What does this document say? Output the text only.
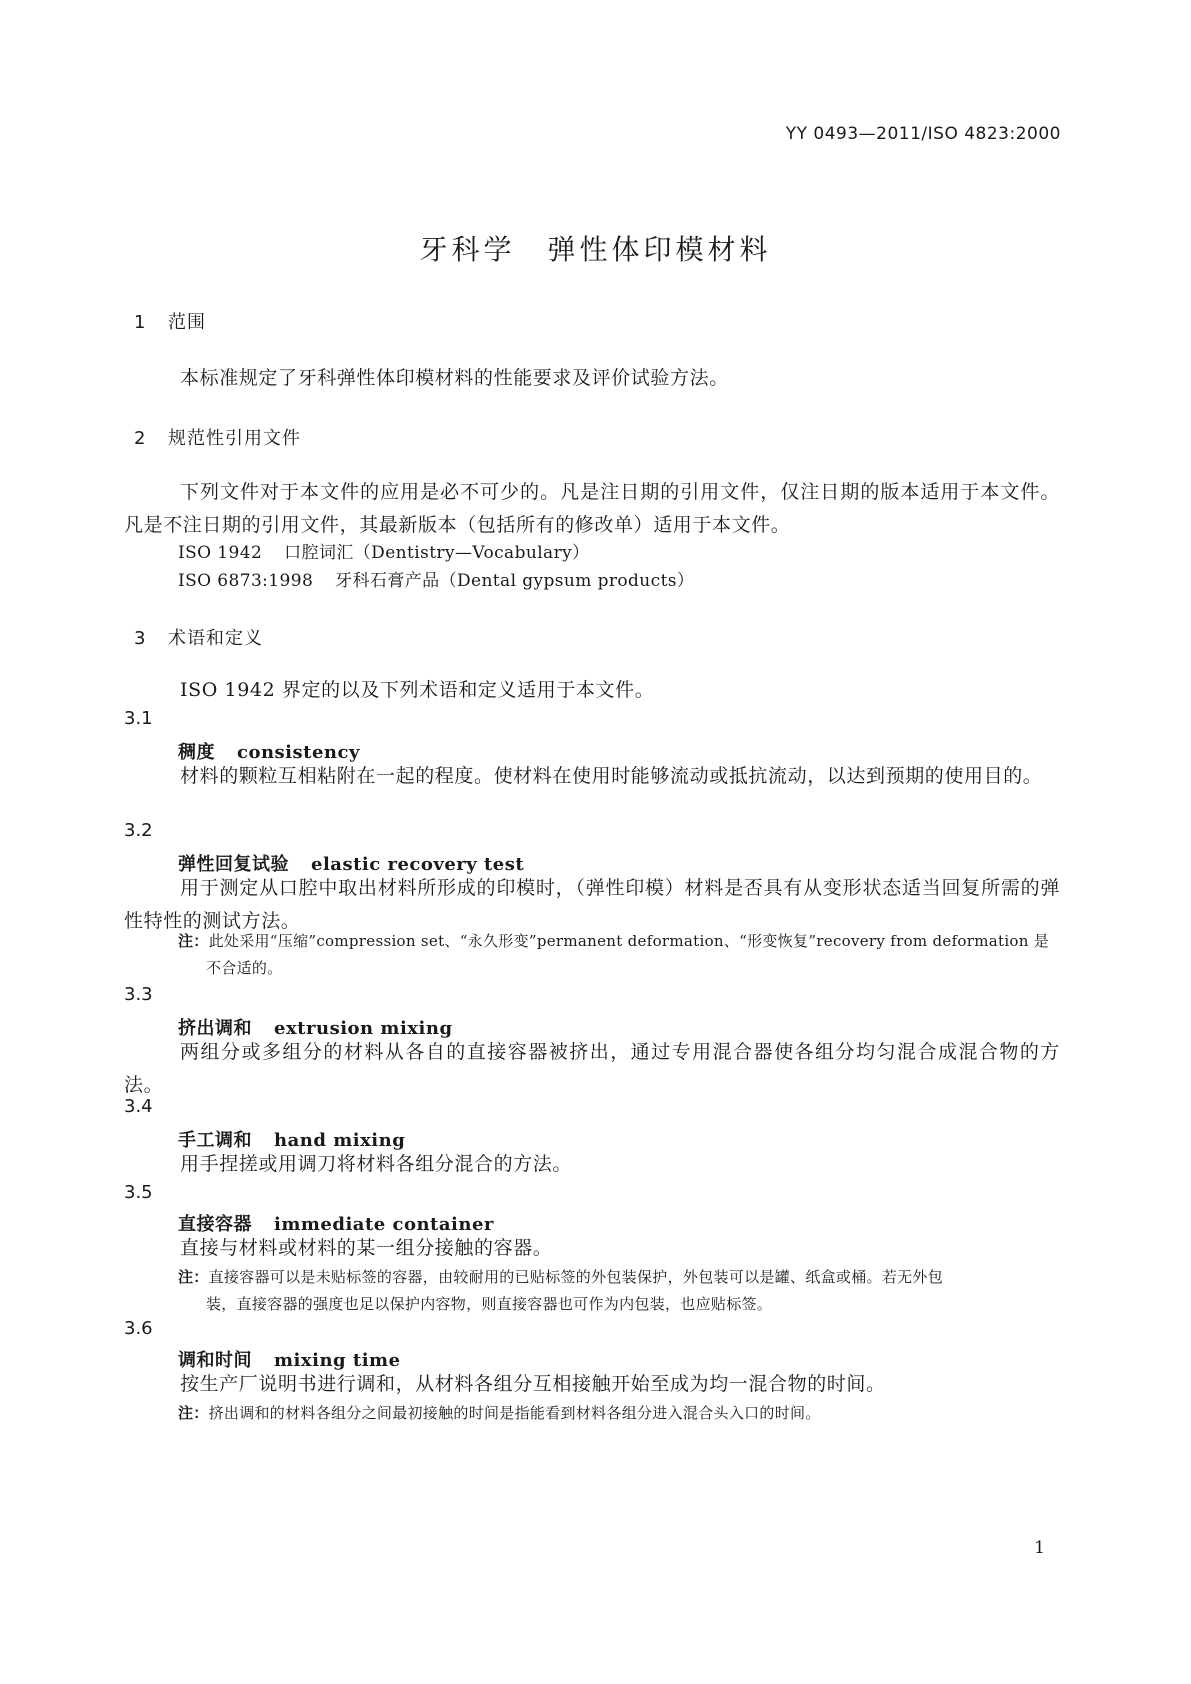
YY 0493—2011/ISO 4823:2000
牙科学　弹性体印模材料
1 范围
本标准规定了牙科弹性体印模材料的性能要求及评价试验方法。
2 规范性引用文件
下列文件对于本文件的应用是必不可少的。凡是注日期的引用文件，仅注日期的版本适用于本文件。凡是不注日期的引用文件，其最新版本（包括所有的修改单）适用于本文件。
ISO 1942 口腔词汇（Dentistry—Vocabulary）
ISO 6873:1998 牙科石膏产品（Dental gypsum products）
3 术语和定义
ISO 1942 界定的以及下列术语和定义适用于本文件。
3.1
稠度 consistency
材料的颗粒互相粘附在一起的程度。使材料在使用时能够流动或抵抗流动，以达到预期的使用目的。
3.2
弹性回复试验 elastic recovery test
用于测定从口腔中取出材料所形成的印模时，（弹性印模）材料是否具有从变形状态适当回复所需的弹性特性的测试方法。
注：此处采用“压缩”compression set、“永久形变”permanent deformation、“形变恢复”recovery from deformation 是
不合适的。
3.3
挤出调和 extrusion mixing
两组分或多组分的材料从各自的直接容器被挤出，通过专用混合器使各组分均匀混合成混合物的方法。
3.4
手工调和 hand mixing
用手捏搓或用调刀将材料各组分混合的方法。
3.5
直接容器 immediate container
直接与材料或材料的某一组分接触的容器。
注：直接容器可以是未贴标签的容器，由较耐用的已贴标签的外包装保护，外包装可以是罐、纸盒或桶。若无外包
装，直接容器的强度也足以保护内容物，则直接容器也可作为内包装，也应贴标签。
3.6
调和时间 mixing time
按生产厂说明书进行调和，从材料各组分互相接触开始至成为均一混合物的时间。
注：挤出调和的材料各组分之间最初接触的时间是指能看到材料各组分进入混合头入口的时间。
1
